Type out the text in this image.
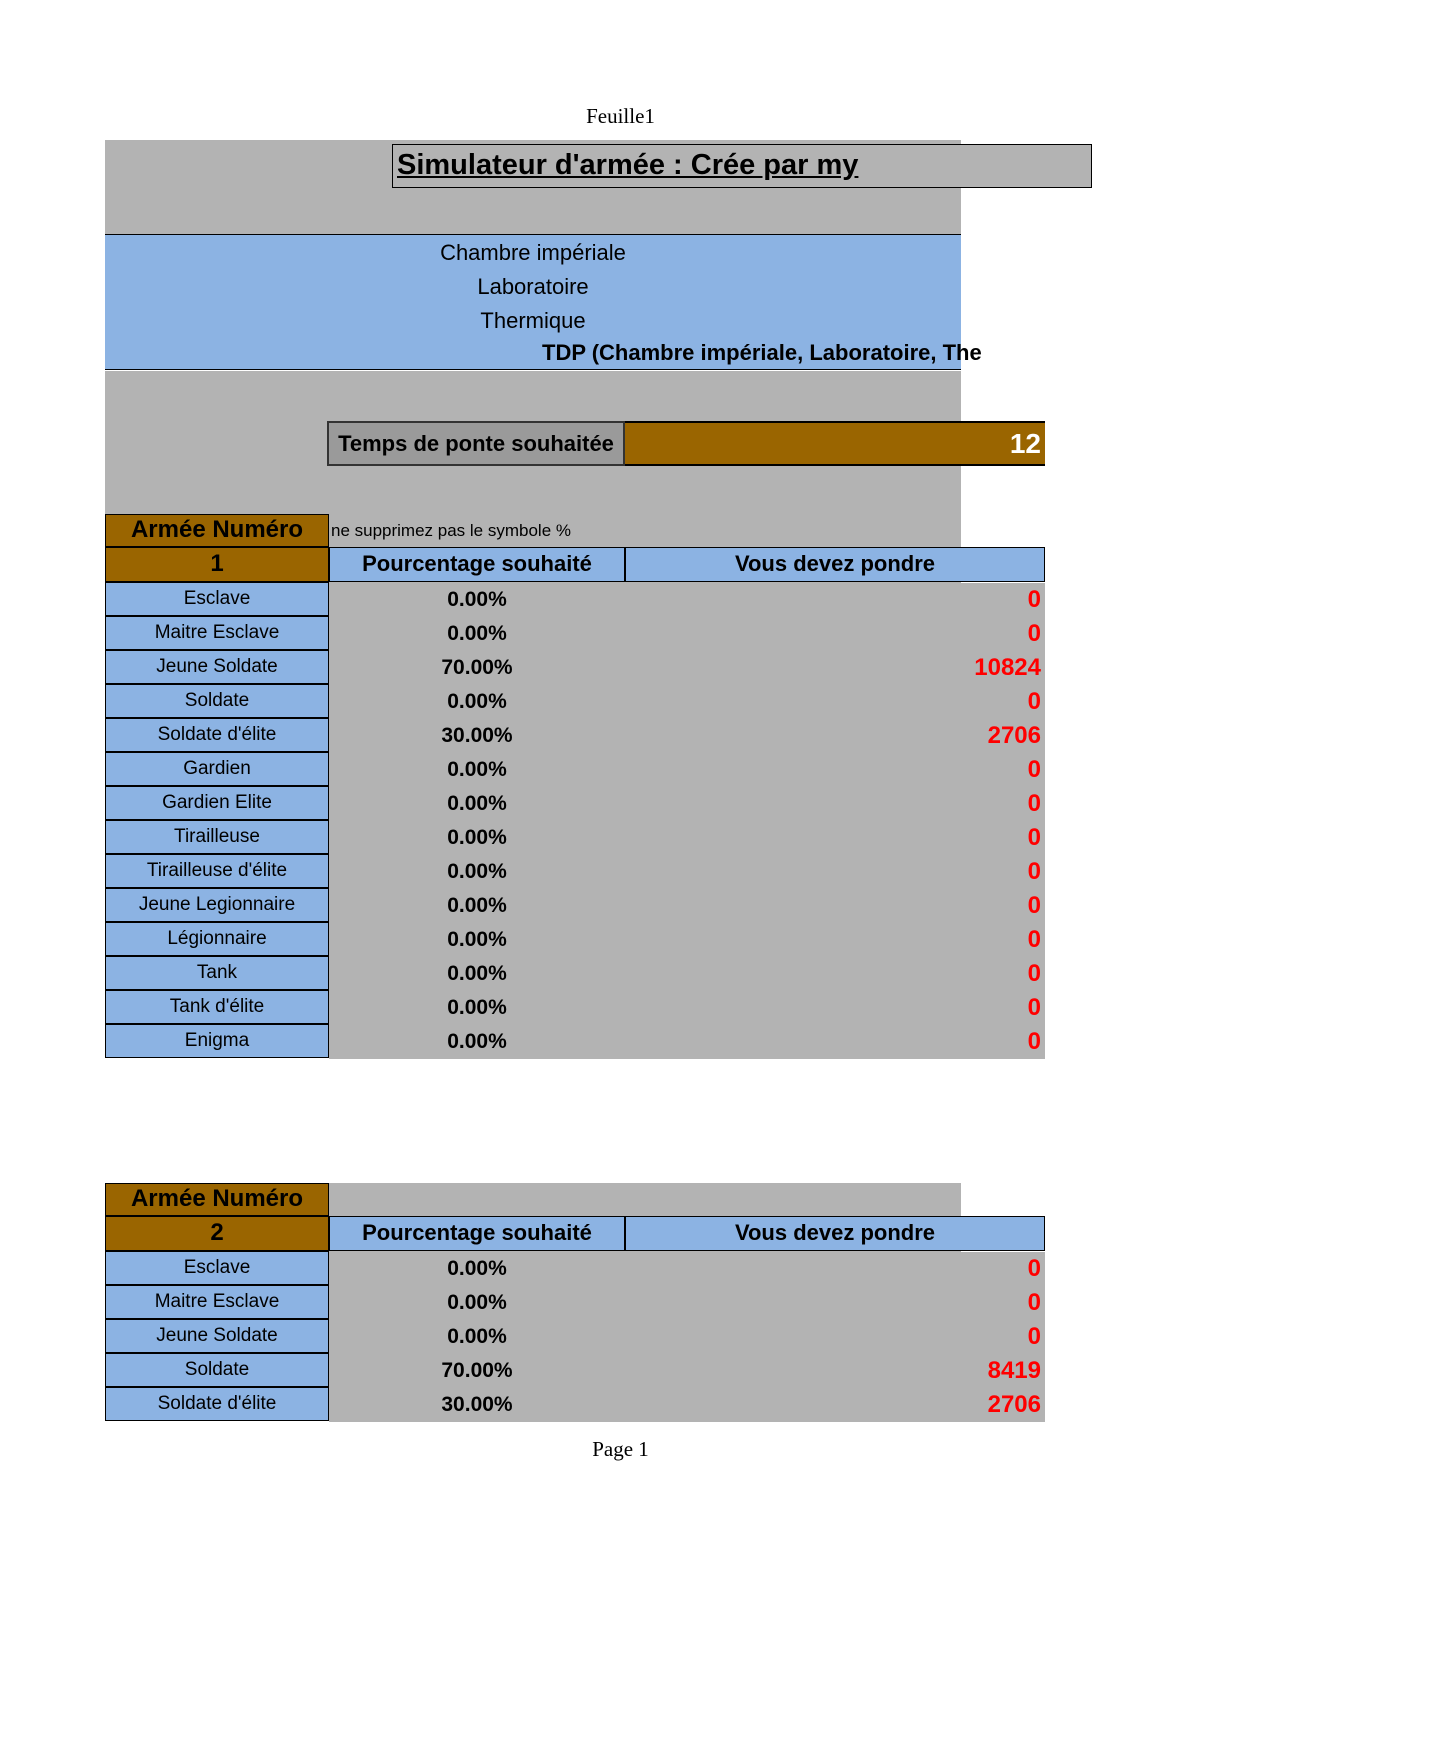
Feuille1
Simulateur d'armée : Crée par my
Chambre impériale
Laboratoire
Thermique
TDP (Chambre impériale, Laboratoire, The
Temps de ponte souhaitée	12
Armée Numéro	ne supprimez pas le symbole %
1	Pourcentage souhaité	Vous devez pondre
Esclave	0.00%	0
Maitre Esclave	0.00%	0
Jeune Soldate	70.00%	10824
Soldate	0.00%	0
Soldate d'élite	30.00%	2706
Gardien	0.00%	0
Gardien Elite	0.00%	0
Tirailleuse	0.00%	0
Tirailleuse d'élite	0.00%	0
Jeune Legionnaire	0.00%	0
Légionnaire	0.00%	0
Tank	0.00%	0
Tank d'élite	0.00%	0
Enigma	0.00%	0
Armée Numéro
2	Pourcentage souhaité	Vous devez pondre
Esclave	0.00%	0
Maitre Esclave	0.00%	0
Jeune Soldate	0.00%	0
Soldate	70.00%	8419
Soldate d'élite	30.00%	2706
Page 1
